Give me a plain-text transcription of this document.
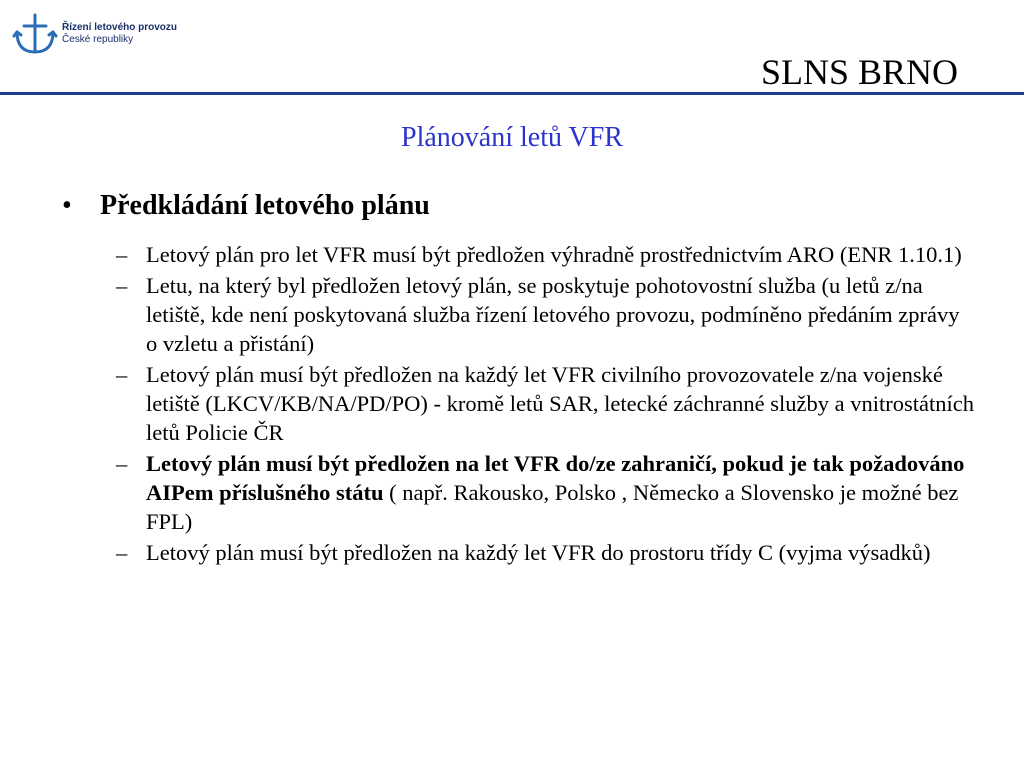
Řízení letového provozu
České republiky
SLNS BRNO
Plánování letů VFR
•	Předkládání letového plánu
– Letový plán pro let VFR musí být předložen výhradně prostřednictvím ARO (ENR 1.10.1)
– Letu, na který byl předložen letový plán, se poskytuje pohotovostní služba (u letů z/na letiště, kde není poskytovaná služba řízení letového provozu, podmíněno předáním zprávy o vzletu a přistání)
– Letový plán musí být předložen na každý let VFR civilního provozovatele z/na vojenské letiště (LKCV/KB/NA/PD/PO) - kromě letů SAR, letecké záchranné služby a vnitrostátních letů Policie ČR
– Letový plán musí být předložen na let VFR do/ze zahraničí, pokud je tak požadováno AIPem příslušného státu ( např. Rakousko, Polsko , Německo a Slovensko je možné bez FPL)
– Letový plán musí být předložen na každý let VFR do prostoru třídy C (vyjma výsadků)
